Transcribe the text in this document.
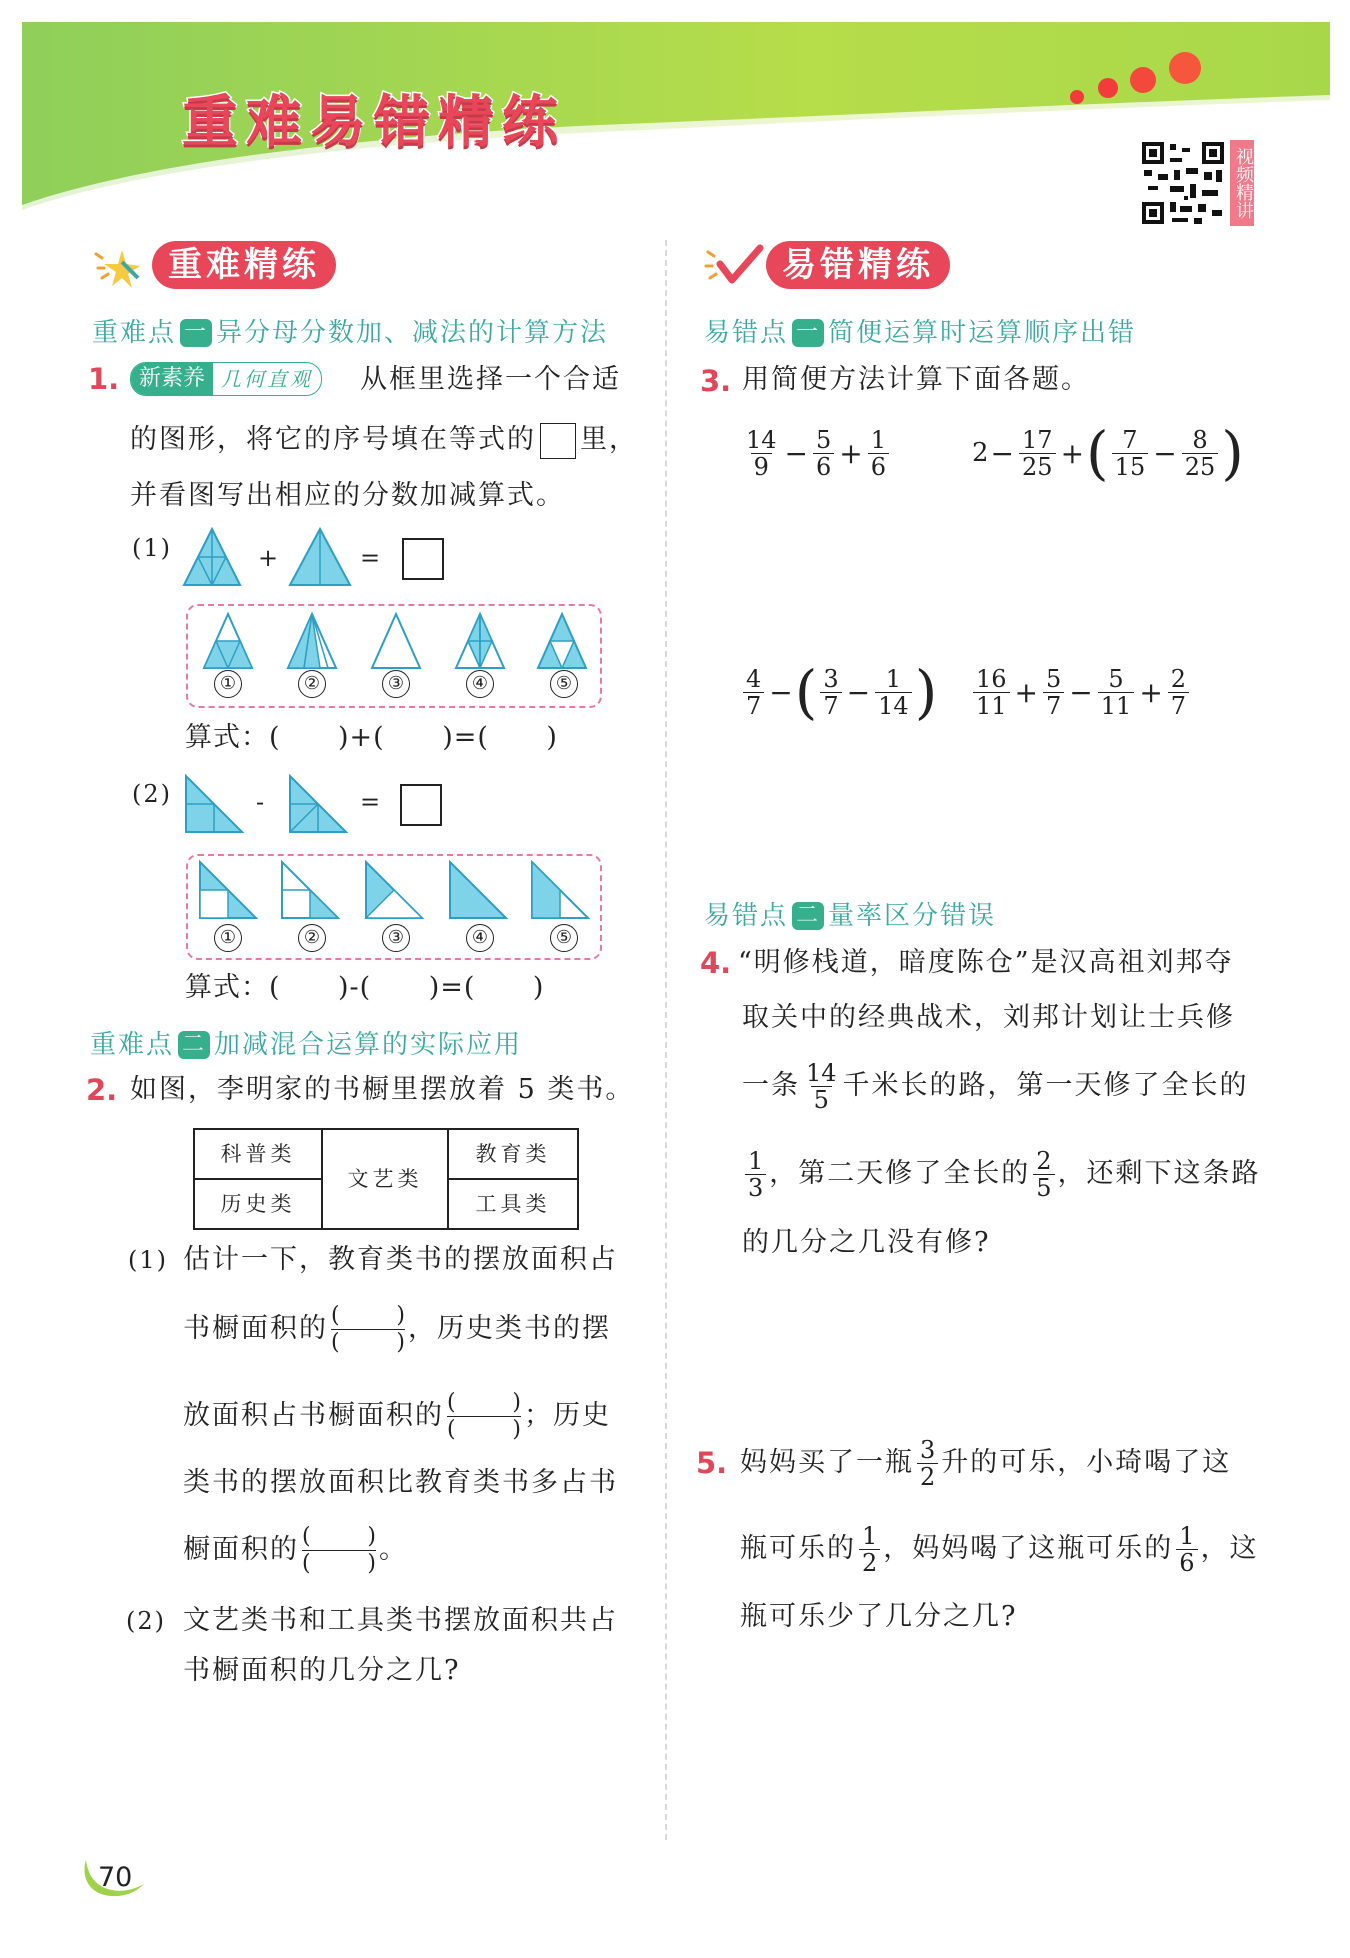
重难易错精练
视频精讲
重难精练
重难点 一 异分母分数加、减法的计算方法
1. 新素养 几何直观 从框里选择一个合适
的图形，将它的序号填在等式的 里，
并看图写出相应的分数加减算式。
(1)	+	=
①	②	③	④	⑤
算式：(      )+(      )=(      )
(2)	-	=
①	②	③	④	⑤
算式：(      )-(      )=(      )
重难点 二 加减混合运算的实际应用
2. 如图，李明家的书橱里摆放着 5 类书。
科普类
历史类
文艺类
教育类
工具类
(1) 估计一下，教育类书的摆放面积占
书橱面积的 (	)
(	) ，历史类书的摆
放面积占书橱面积的 (	)
(	) ；历史
类书的摆放面积比教育类书多占书
橱面积的 (	)
(	) 。
(2) 文艺类书和工具类书摆放面积共占
书橱面积的几分之几?
易错精练
易错点 一 简便运算时运算顺序出错
3. 用简便方法计算下面各题。
$\frac{14}{9} - \frac{5}{6} + \frac{1}{6}$	$2 - \frac{17}{25}$ + ( $\frac{7}{15} - \frac{8}{25}$ )
$\frac{4}{7}$ − ( $\frac{3}{7} - \frac{1}{14}$ ) $\frac{16}{11} + \frac{5}{7} - \frac{5}{11} + \frac{2}{7}$
易错点 二 量率区分错误
4. “明修栈道，暗度陈仓”是汉高祖刘邦夺
取关中的经典战术，刘邦计划让士兵修
一条 $\frac{14}{5}$ 千米长的路，第一天修了全长的
$\frac{1}{3}$ ，第二天修了全长的 $\frac{2}{5}$ ，还剩下这条路
的几分之几没有修?
5. 妈妈买了一瓶 $\frac{3}{2}$ 升的可乐，小琦喝了这
瓶可乐的 $\frac{1}{2}$ ，妈妈喝了这瓶可乐的 $\frac{1}{6}$ ，这
瓶可乐少了几分之几?
70
